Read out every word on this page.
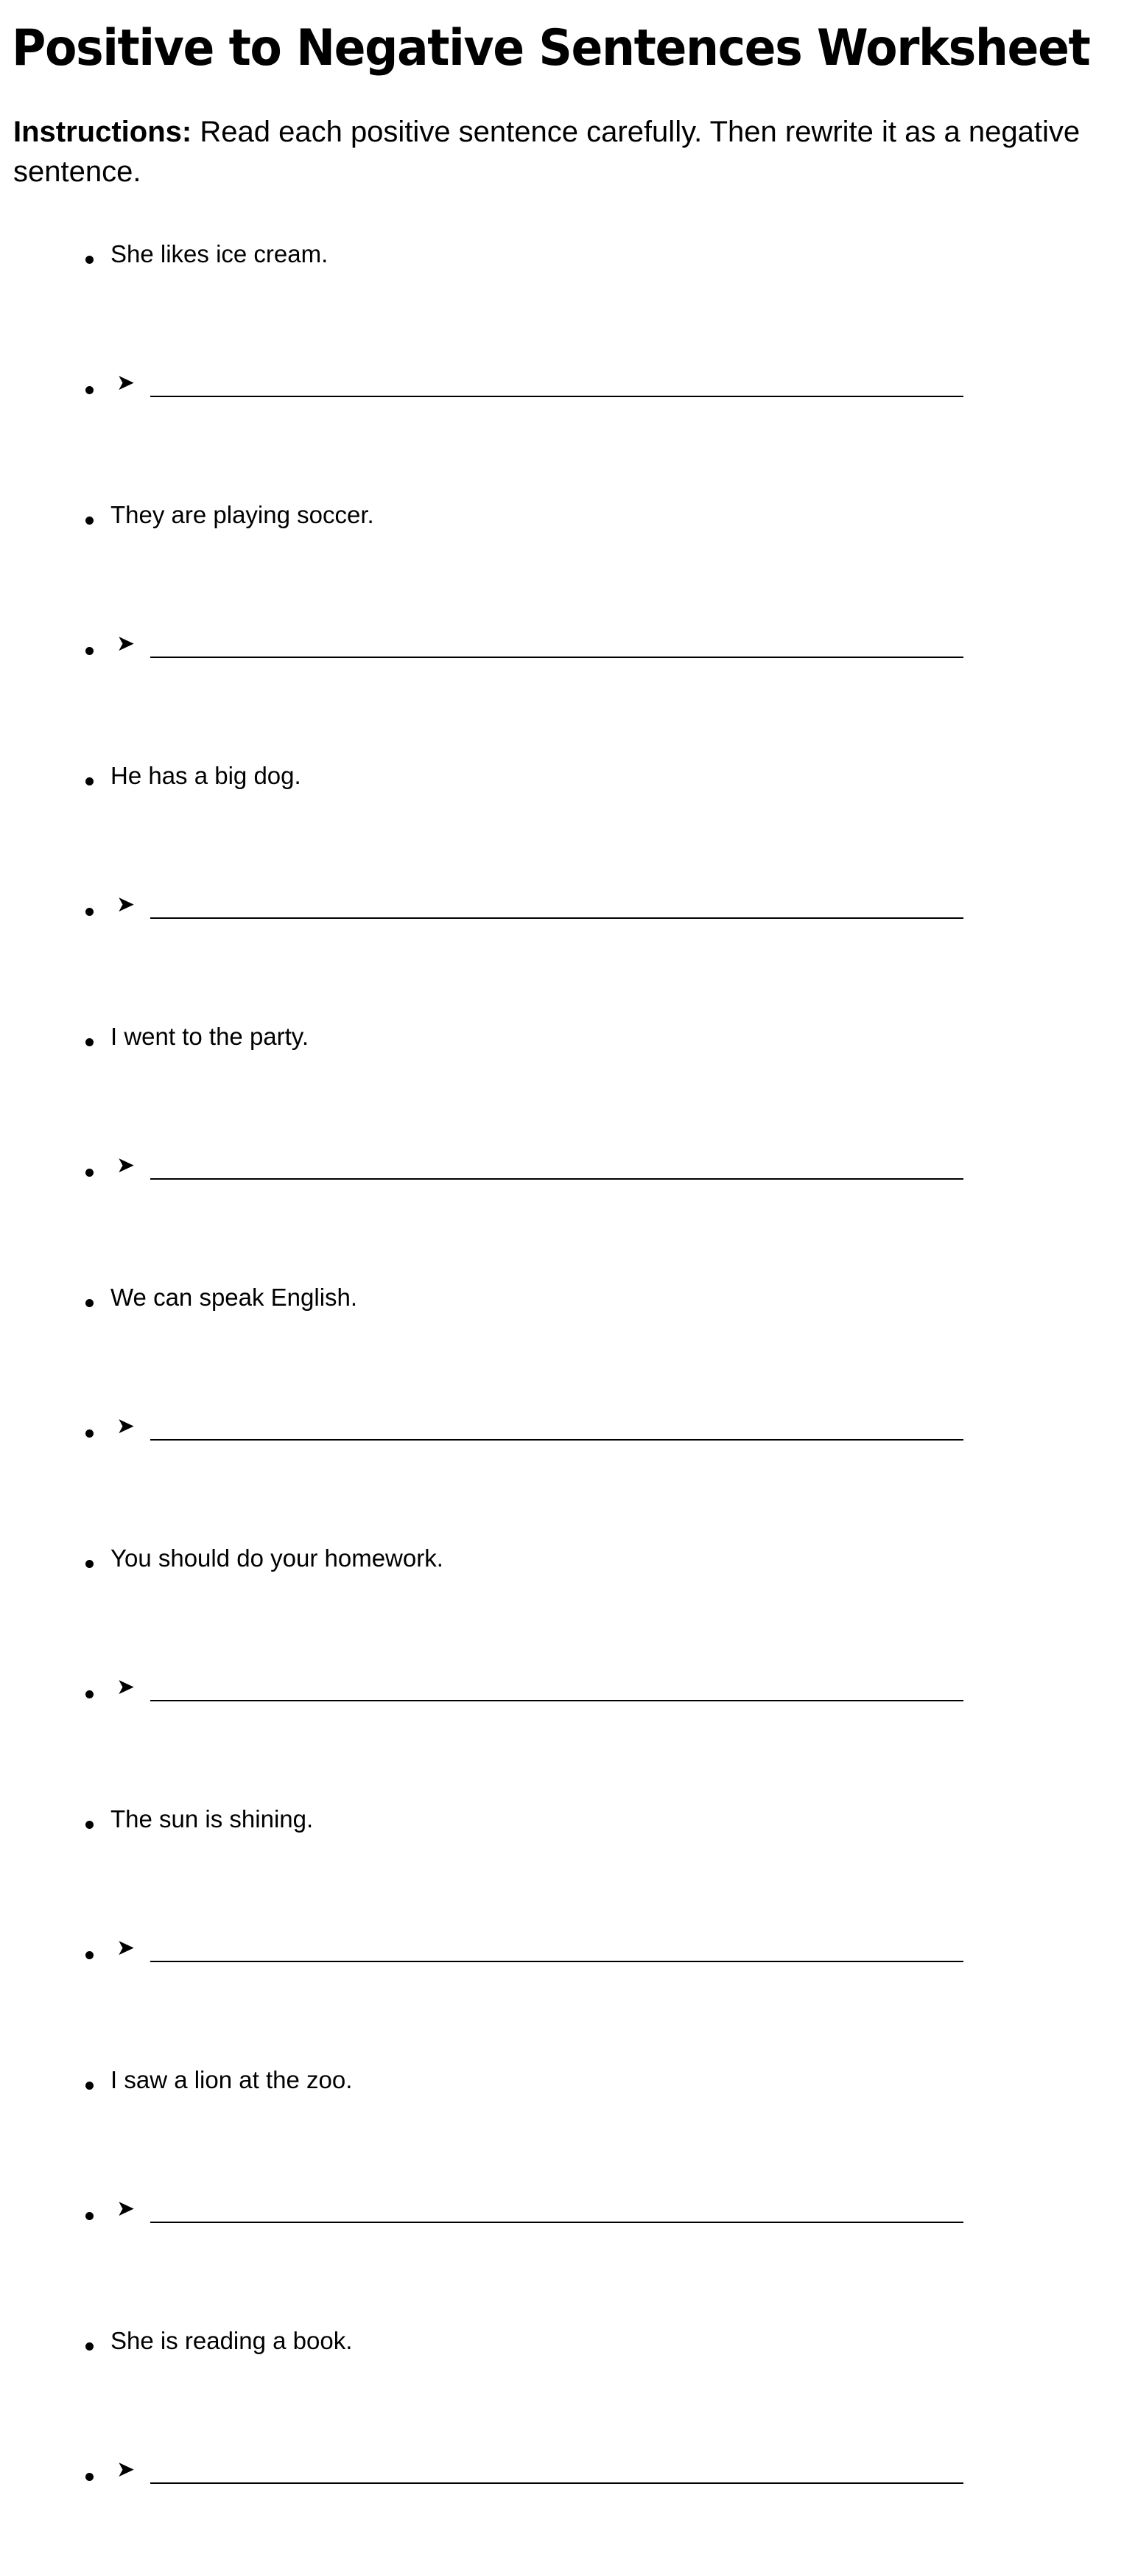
Positive to Negative Sentences Worksheet

Instructions: Read each positive sentence carefully. Then rewrite it as a negative sentence.

She likes ice cream.
➤
They are playing soccer.
➤
He has a big dog.
➤
I went to the party.
➤
We can speak English.
➤
You should do your homework.
➤
The sun is shining.
➤
I saw a lion at the zoo.
➤
She is reading a book.
➤
